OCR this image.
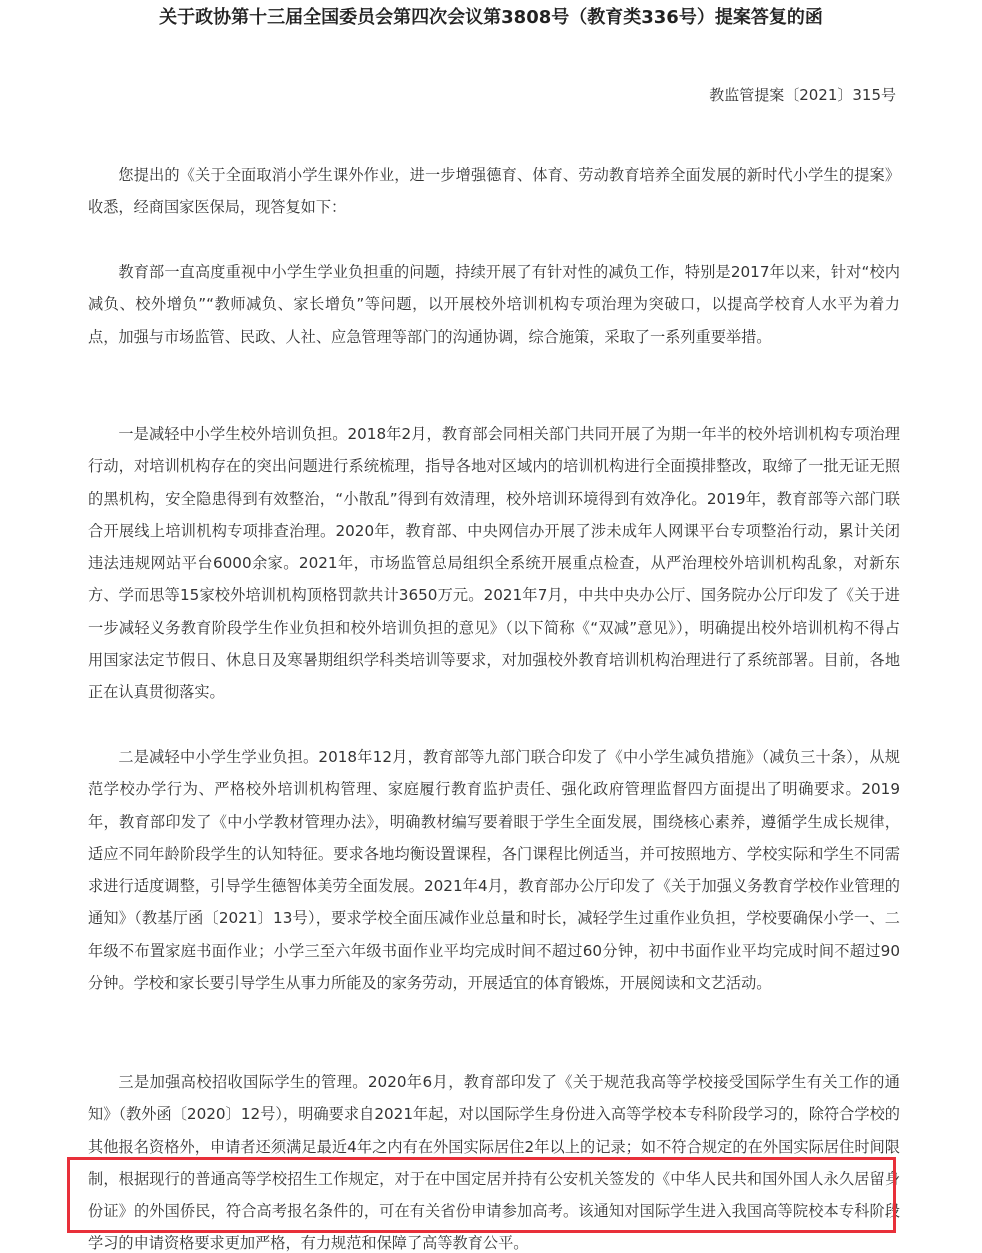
关于政协第十三届全国委员会第四次会议第3808号（教育类336号）提案答复的函
教监管提案〔2021〕315号

您提出的《关于全面取消小学生课外作业，进一步增强德育、体育、劳动教育培养全面发展的新时代小学生的提案》收悉，经商国家医保局，现答复如下：

教育部一直高度重视中小学生学业负担重的问题，持续开展了有针对性的减负工作，特别是2017年以来，针对“校内减负、校外增负”“教师减负、家长增负”等问题，以开展校外培训机构专项治理为突破口，以提高学校育人水平为着力点，加强与市场监管、民政、人社、应急管理等部门的沟通协调，综合施策，采取了一系列重要举措。

一是减轻中小学生校外培训负担。2018年2月，教育部会同相关部门共同开展了为期一年半的校外培训机构专项治理行动，对培训机构存在的突出问题进行系统梳理，指导各地对区域内的培训机构进行全面摸排整改，取缔了一批无证无照的黑机构，安全隐患得到有效整治，“小散乱”得到有效清理，校外培训环境得到有效净化。2019年，教育部等六部门联合开展线上培训机构专项排查治理。2020年，教育部、中央网信办开展了涉未成年人网课平台专项整治行动，累计关闭违法违规网站平台6000余家。2021年，市场监管总局组织全系统开展重点检查，从严治理校外培训机构乱象，对新东方、学而思等15家校外培训机构顶格罚款共计3650万元。2021年7月，中共中央办公厅、国务院办公厅印发了《关于进一步减轻义务教育阶段学生作业负担和校外培训负担的意见》（以下简称《“双减”意见》），明确提出校外培训机构不得占用国家法定节假日、休息日及寒暑期组织学科类培训等要求，对加强校外教育培训机构治理进行了系统部署。目前，各地正在认真贯彻落实。

二是减轻中小学生学业负担。2018年12月，教育部等九部门联合印发了《中小学生减负措施》（减负三十条），从规范学校办学行为、严格校外培训机构管理、家庭履行教育监护责任、强化政府管理监督四方面提出了明确要求。2019年，教育部印发了《中小学教材管理办法》，明确教材编写要着眼于学生全面发展，围绕核心素养，遵循学生成长规律，适应不同年龄阶段学生的认知特征。要求各地均衡设置课程，各门课程比例适当，并可按照地方、学校实际和学生不同需求进行适度调整，引导学生德智体美劳全面发展。2021年4月，教育部办公厅印发了《关于加强义务教育学校作业管理的通知》（教基厅函〔2021〕13号），要求学校全面压减作业总量和时长，减轻学生过重作业负担，学校要确保小学一、二年级不布置家庭书面作业；小学三至六年级书面作业平均完成时间不超过60分钟，初中书面作业平均完成时间不超过90分钟。学校和家长要引导学生从事力所能及的家务劳动，开展适宜的体育锻炼，开展阅读和文艺活动。

三是加强高校招收国际学生的管理。2020年6月，教育部印发了《关于规范我高等学校接受国际学生有关工作的通知》（教外函〔2020〕12号），明确要求自2021年起，对以国际学生身份进入高等学校本专科阶段学习的，除符合学校的其他报名资格外，申请者还须满足最近4年之内有在外国实际居住2年以上的记录；如不符合规定的在外国实际居住时间限制，根据现行的普通高等学校招生工作规定，对于在中国定居并持有公安机关签发的《中华人民共和国外国人永久居留身份证》的外国侨民，符合高考报名条件的，可在有关省份申请参加高考。该通知对国际学生进入我国高等院校本专科阶段学习的申请资格要求更加严格，有力规范和保障了高等教育公平。
